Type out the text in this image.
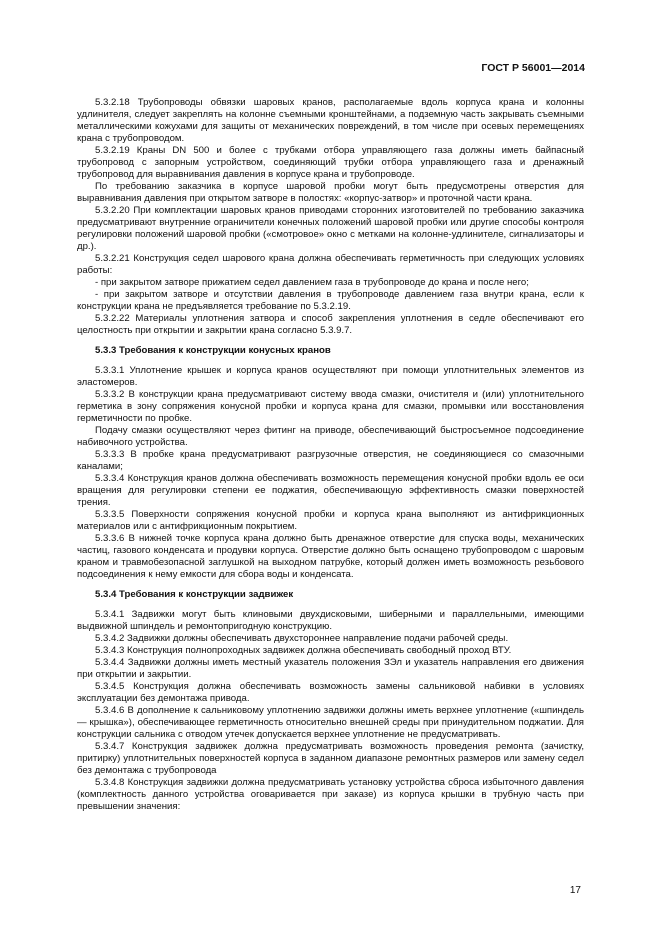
ГОСТ Р 56001—2014

5.3.2.18 Трубопроводы обвязки шаровых кранов, располагаемые вдоль корпуса крана и колонны удлинителя, следует закреплять на колонне съемными кронштейнами, а подземную часть закрывать съемными металлическими кожухами для защиты от механических повреждений, в том числе при осевых перемещениях крана с трубопроводом.

5.3.2.19 Краны DN 500 и более с трубками отбора управляющего газа должны иметь байпасный трубопровод с запорным устройством, соединяющий трубки отбора управляющего газа и дренажный трубопровод для выравнивания давления в корпусе крана и трубопроводе.

По требованию заказчика в корпусе шаровой пробки могут быть предусмотрены отверстия для выравнивания давления при открытом затворе в полостях: «корпус-затвор» и проточной части крана.

5.3.2.20 При комплектации шаровых кранов приводами сторонних изготовителей по требованию заказчика предусматривают внутренние ограничители конечных положений шаровой пробки или другие способы контроля регулировки положений шаровой пробки («смотровое» окно с метками на колонне-удлинителе, сигнализаторы и др.).

5.3.2.21 Конструкция седел шарового крана должна обеспечивать герметичность при следующих условиях работы:

- при закрытом затворе прижатием седел давлением газа в трубопроводе до крана и после него;

- при закрытом затворе и отсутствии давления в трубопроводе давлением газа внутри крана, если к конструкции крана не предъявляется требование по 5.3.2.19.

5.3.2.22 Материалы уплотнения затвора и способ закрепления уплотнения в седле обеспечивают его целостность при открытии и закрытии крана согласно 5.3.9.7.

5.3.3 Требования к конструкции конусных кранов

5.3.3.1 Уплотнение крышек и корпуса кранов осуществляют при помощи уплотнительных элементов из эластомеров.

5.3.3.2 В конструкции крана предусматривают систему ввода смазки, очистителя и (или) уплотнительного герметика в зону сопряжения конусной пробки и корпуса крана для смазки, промывки или восстановления герметичности по пробке.

Подачу смазки осуществляют через фитинг на приводе, обеспечивающий быстросъемное подсоединение набивочного устройства.

5.3.3.3 В пробке крана предусматривают разгрузочные отверстия, не соединяющиеся со смазочными каналами;

5.3.3.4 Конструкция кранов должна обеспечивать возможность перемещения конусной пробки вдоль ее оси вращения для регулировки степени ее поджатия, обеспечивающую эффективность смазки поверхностей трения.

5.3.3.5 Поверхности сопряжения конусной пробки и корпуса крана выполняют из антифрикционных материалов или с антифрикционным покрытием.

5.3.3.6 В нижней точке корпуса крана должно быть дренажное отверстие для спуска воды, механических частиц, газового конденсата и продувки корпуса. Отверстие должно быть оснащено трубопроводом с шаровым краном и травмобезопасной заглушкой на выходном патрубке, который должен иметь возможность резьбового подсоединения к нему емкости для сбора воды и конденсата.

5.3.4 Требования к конструкции задвижек

5.3.4.1 Задвижки могут быть клиновыми двухдисковыми, шиберными и параллельными, имеющими выдвижной шпиндель и ремонтопригодную конструкцию.

5.3.4.2 Задвижки должны обеспечивать двухстороннее направление подачи рабочей среды.

5.3.4.3 Конструкция полнопроходных задвижек должна обеспечивать свободный проход ВТУ.

5.3.4.4 Задвижки должны иметь местный указатель положения ЗЭл и указатель направления его движения при открытии и закрытии.

5.3.4.5 Конструкция должна обеспечивать возможность замены сальниковой набивки в условиях эксплуатации без демонтажа привода.

5.3.4.6 В дополнение к сальниковому уплотнению задвижки должны иметь верхнее уплотнение («шпиндель — крышка»), обеспечивающее герметичность относительно внешней среды при принудительном поджатии. Для конструкции сальника с отводом утечек допускается верхнее уплотнение не предусматривать.

5.3.4.7 Конструкция задвижек должна предусматривать возможность проведения ремонта (зачистку, притирку) уплотнительных поверхностей корпуса в заданном диапазоне ремонтных размеров или замену седел без демонтажа с трубопровода

5.3.4.8 Конструкция задвижки должна предусматривать установку устройства сброса избыточного давления (комплектность данного устройства оговаривается при заказе) из корпуса крышки в трубную часть при превышении значения:

17
